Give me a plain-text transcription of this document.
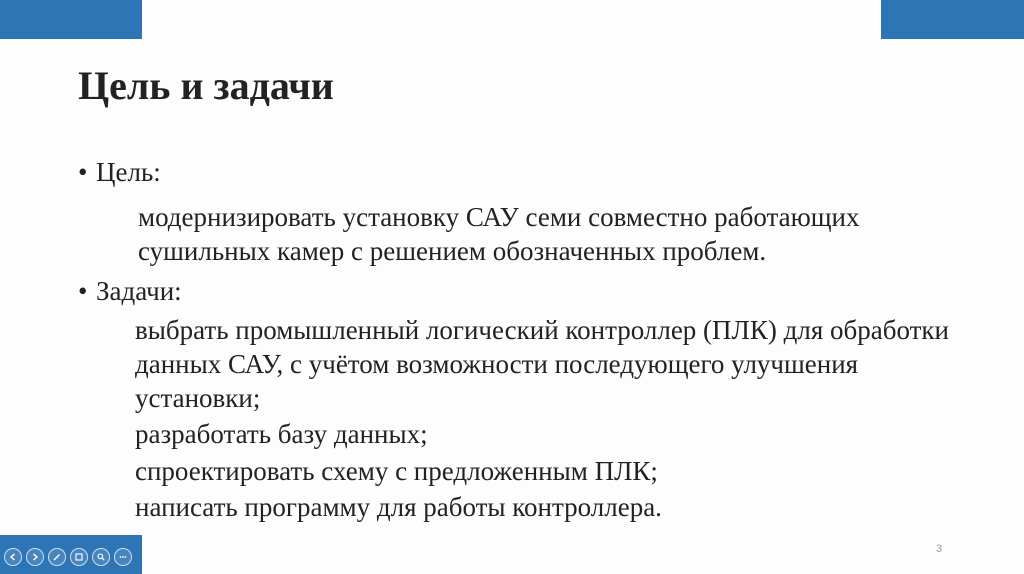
Цель и задачи

• Цель:

модернизировать установку САУ семи совместно работающих сушильных камер с решением обозначенных проблем.

• Задачи:

выбрать промышленный логический контроллер (ПЛК) для обработки данных САУ, с учётом возможности последующего улучшения установки;

разработать базу данных;

спроектировать схему с предложенным ПЛК;

написать программу для работы контроллера.

3
